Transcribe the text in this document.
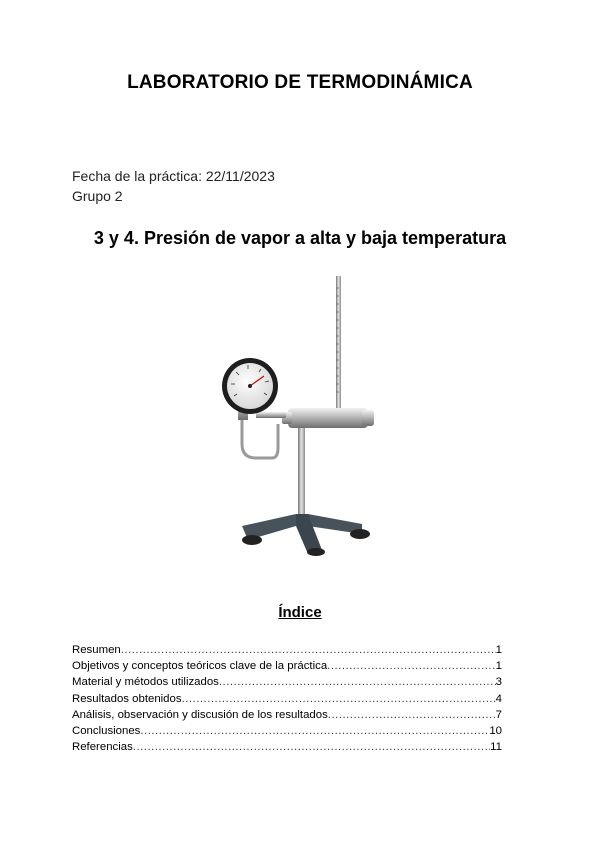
LABORATORIO DE TERMODINÁMICA
Fecha de la práctica: 22/11/2023
Grupo 2
3 y 4. Presión de vapor a alta y baja temperatura
Índice
Resumen .....	1
Objetivos y conceptos teóricos clave de la práctica .....	1
Material y métodos utilizados .....	3
Resultados obtenidos .....	4
Análisis, observación y discusión de los resultados .....	7
Conclusiones .....	10
Referencias .....	11
